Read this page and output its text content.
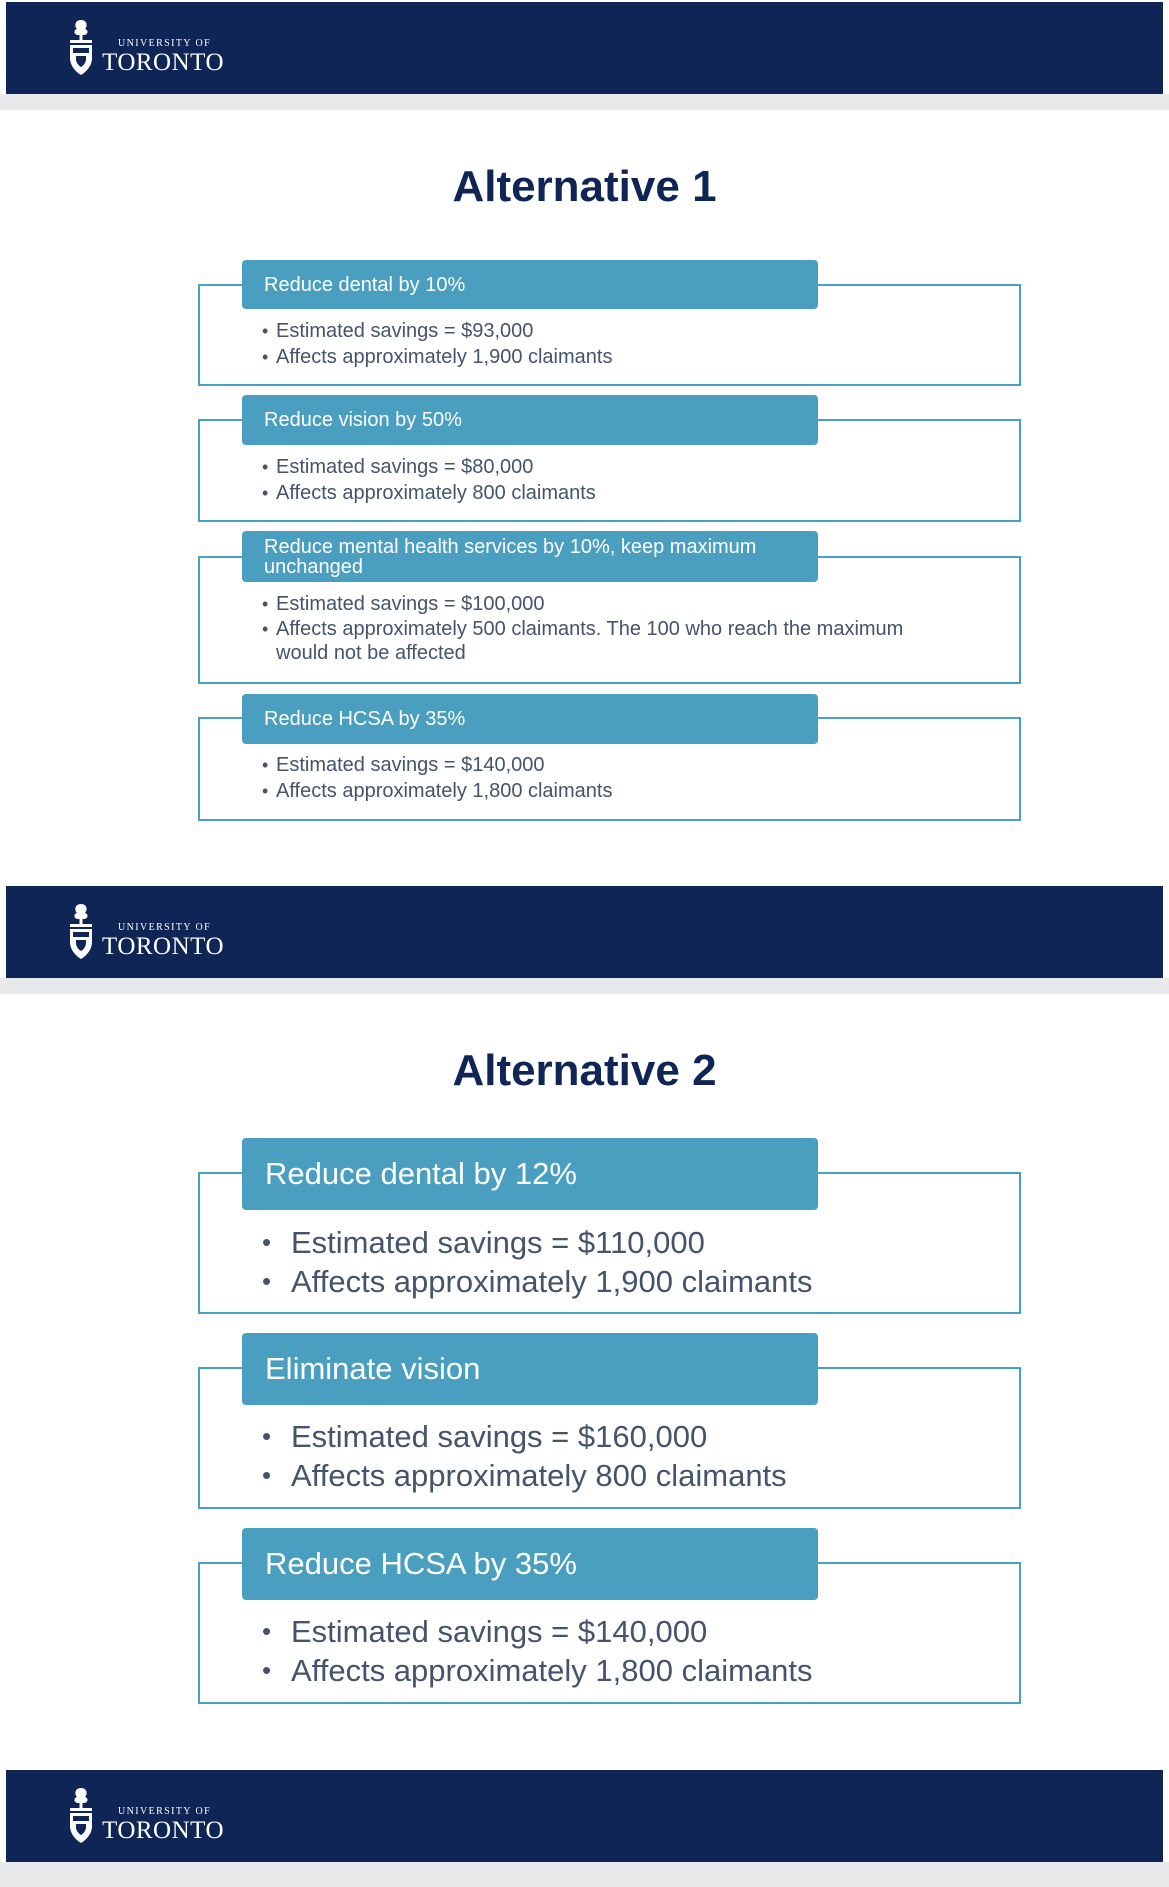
UNIVERSITY OF
TORONTO
Alternative 1
Reduce dental by 10%
• Estimated savings = $93,000
• Affects approximately 1,900 claimants
Reduce vision by 50%
• Estimated savings = $80,000
• Affects approximately 800 claimants
Reduce mental health services by 10%, keep maximum unchanged
• Estimated savings = $100,000
• Affects approximately 500 claimants. The 100 who reach the maximum would not be affected
Reduce HCSA by 35%
• Estimated savings = $140,000
• Affects approximately 1,800 claimants
UNIVERSITY OF
TORONTO
Alternative 2
Reduce dental by 12%
• Estimated savings = $110,000
• Affects approximately 1,900 claimants
Eliminate vision
• Estimated savings = $160,000
• Affects approximately 800 claimants
Reduce HCSA by 35%
• Estimated savings = $140,000
• Affects approximately 1,800 claimants
UNIVERSITY OF
TORONTO
